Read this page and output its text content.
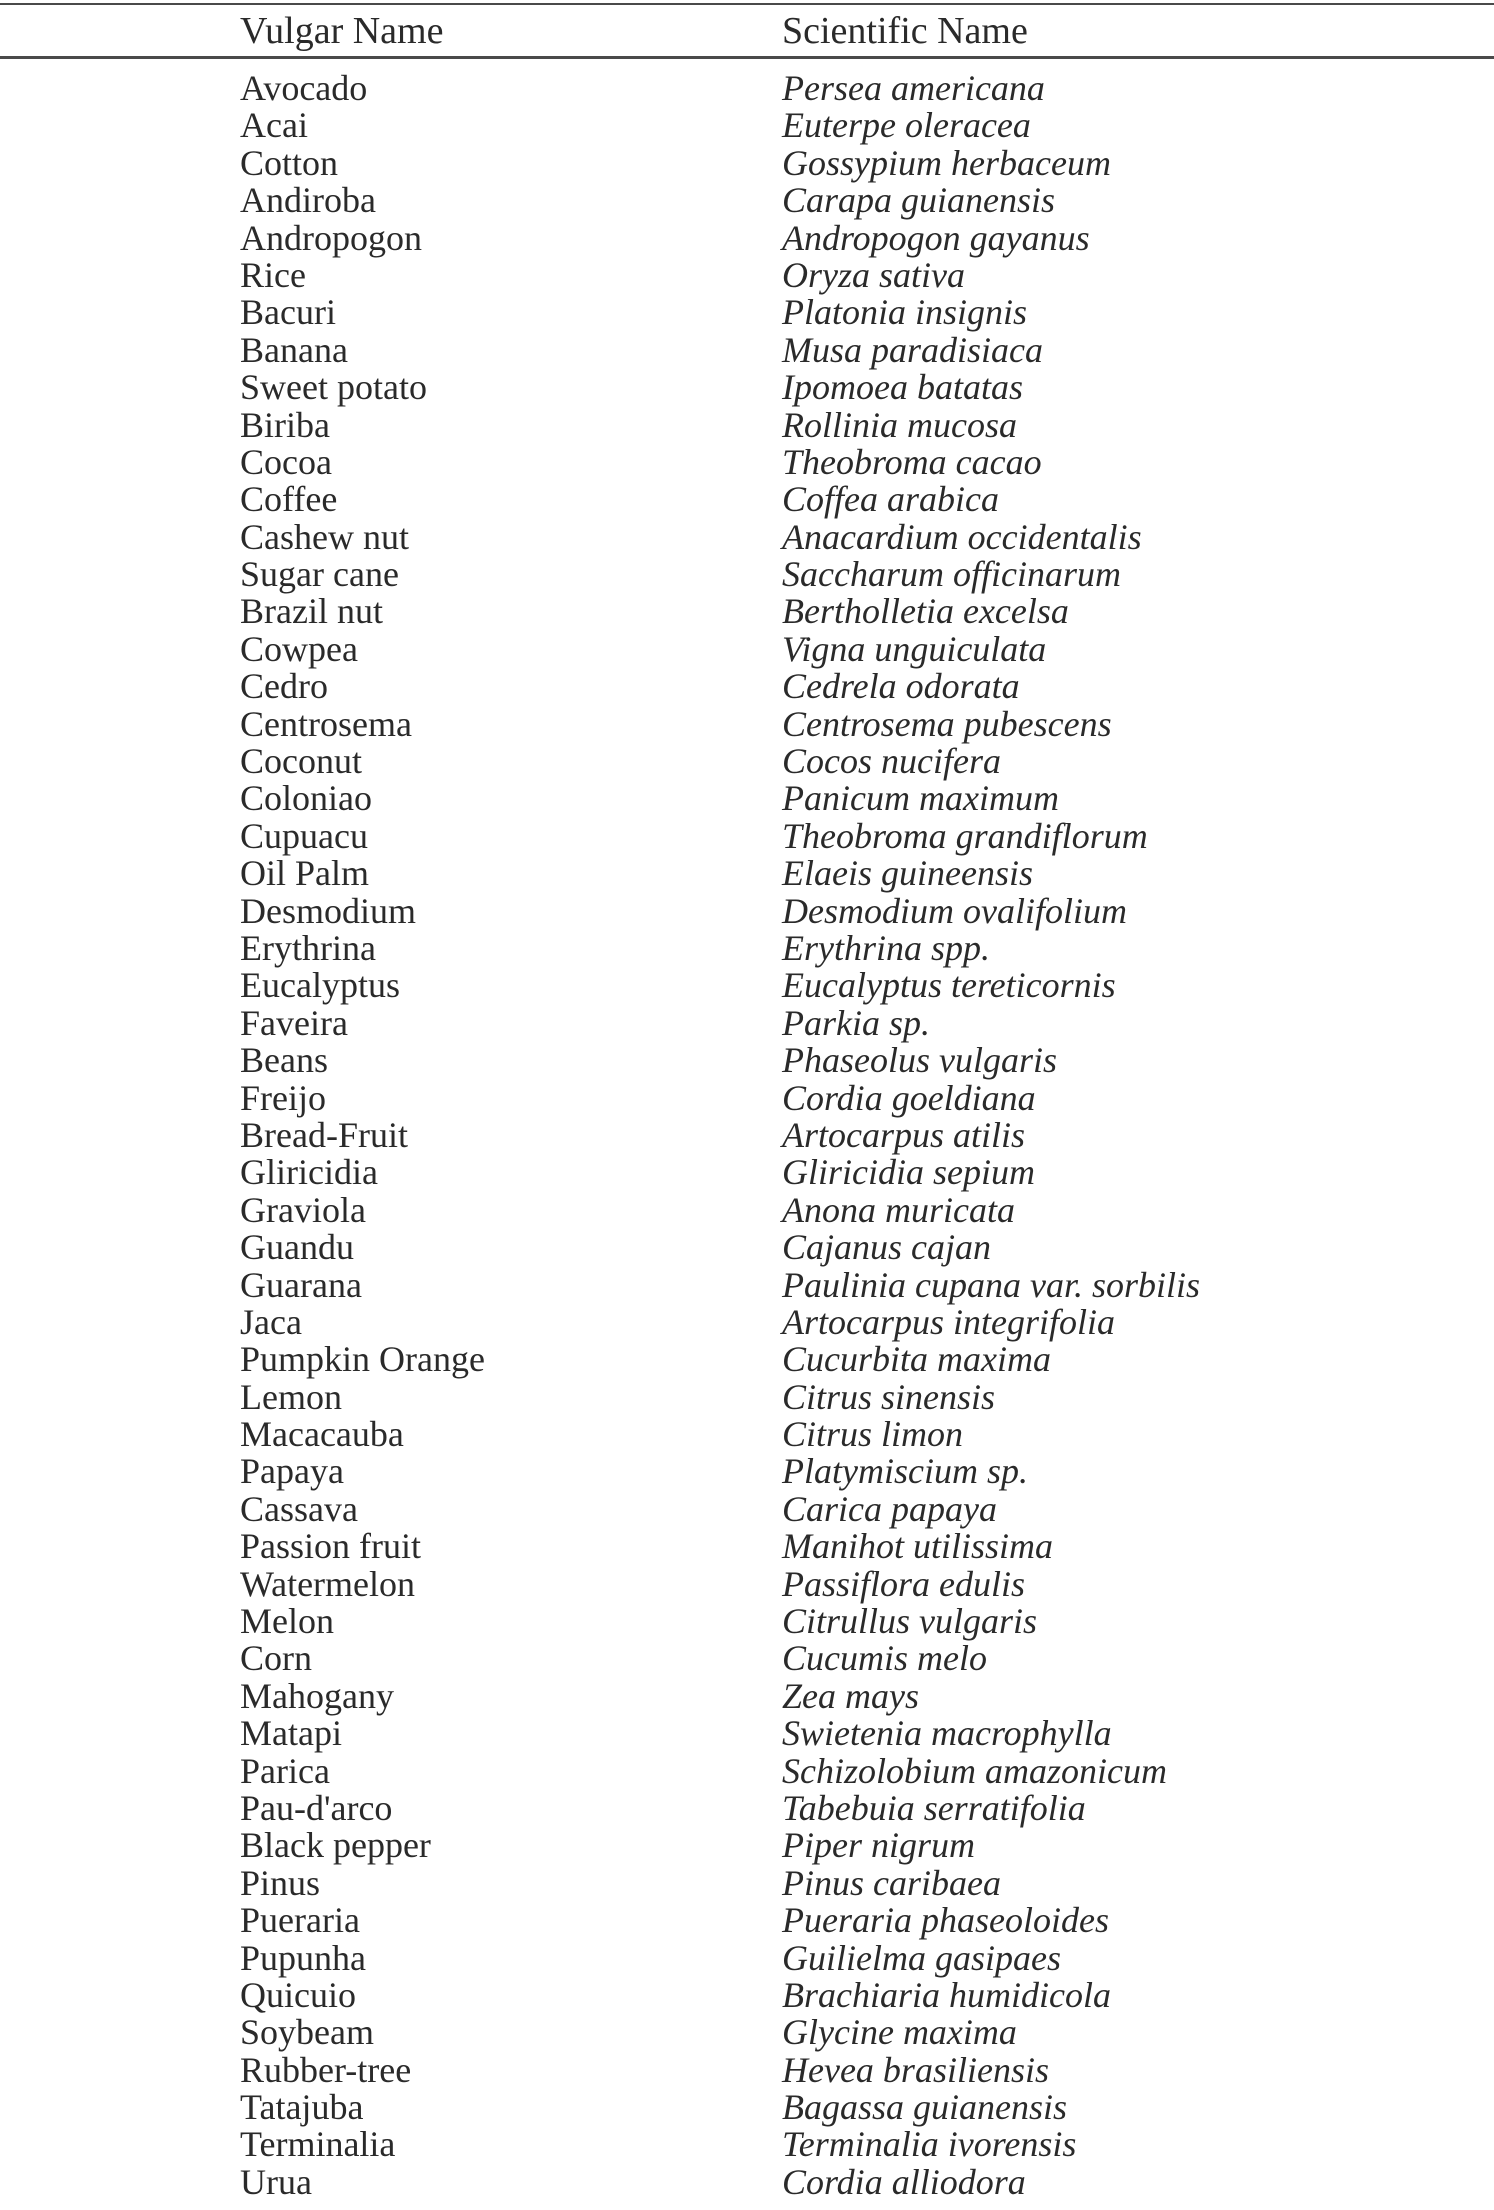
Vulgar Name	Scientific Name
Avocado	Persea americana
Acai	Euterpe oleracea
Cotton	Gossypium herbaceum
Andiroba	Carapa guianensis
Andropogon	Andropogon gayanus
Rice	Oryza sativa
Bacuri	Platonia insignis
Banana	Musa paradisiaca
Sweet potato	Ipomoea batatas
Biriba	Rollinia mucosa
Cocoa	Theobroma cacao
Coffee	Coffea arabica
Cashew nut	Anacardium occidentalis
Sugar cane	Saccharum officinarum
Brazil nut	Bertholletia excelsa
Cowpea	Vigna unguiculata
Cedro	Cedrela odorata
Centrosema	Centrosema pubescens
Coconut	Cocos nucifera
Coloniao	Panicum maximum
Cupuacu	Theobroma grandiflorum
Oil Palm	Elaeis guineensis
Desmodium	Desmodium ovalifolium
Erythrina	Erythrina spp.
Eucalyptus	Eucalyptus tereticornis
Faveira	Parkia sp.
Beans	Phaseolus vulgaris
Freijo	Cordia goeldiana
Bread-Fruit	Artocarpus atilis
Gliricidia	Gliricidia sepium
Graviola	Anona muricata
Guandu	Cajanus cajan
Guarana	Paulinia cupana var. sorbilis
Jaca	Artocarpus integrifolia
Pumpkin Orange	Cucurbita maxima
Lemon	Citrus sinensis
Macacauba	Citrus limon
Papaya	Platymiscium sp.
Cassava	Carica papaya
Passion fruit	Manihot utilissima
Watermelon	Passiflora edulis
Melon	Citrullus vulgaris
Corn	Cucumis melo
Mahogany	Zea mays
Matapi	Swietenia macrophylla
Parica	Schizolobium amazonicum
Pau-d'arco	Tabebuia serratifolia
Black pepper	Piper nigrum
Pinus	Pinus caribaea
Pueraria	Pueraria phaseoloides
Pupunha	Guilielma gasipaes
Quicuio	Brachiaria humidicola
Soybeam	Glycine maxima
Rubber-tree	Hevea brasiliensis
Tatajuba	Bagassa guianensis
Terminalia	Terminalia ivorensis
Urua	Cordia alliodora
